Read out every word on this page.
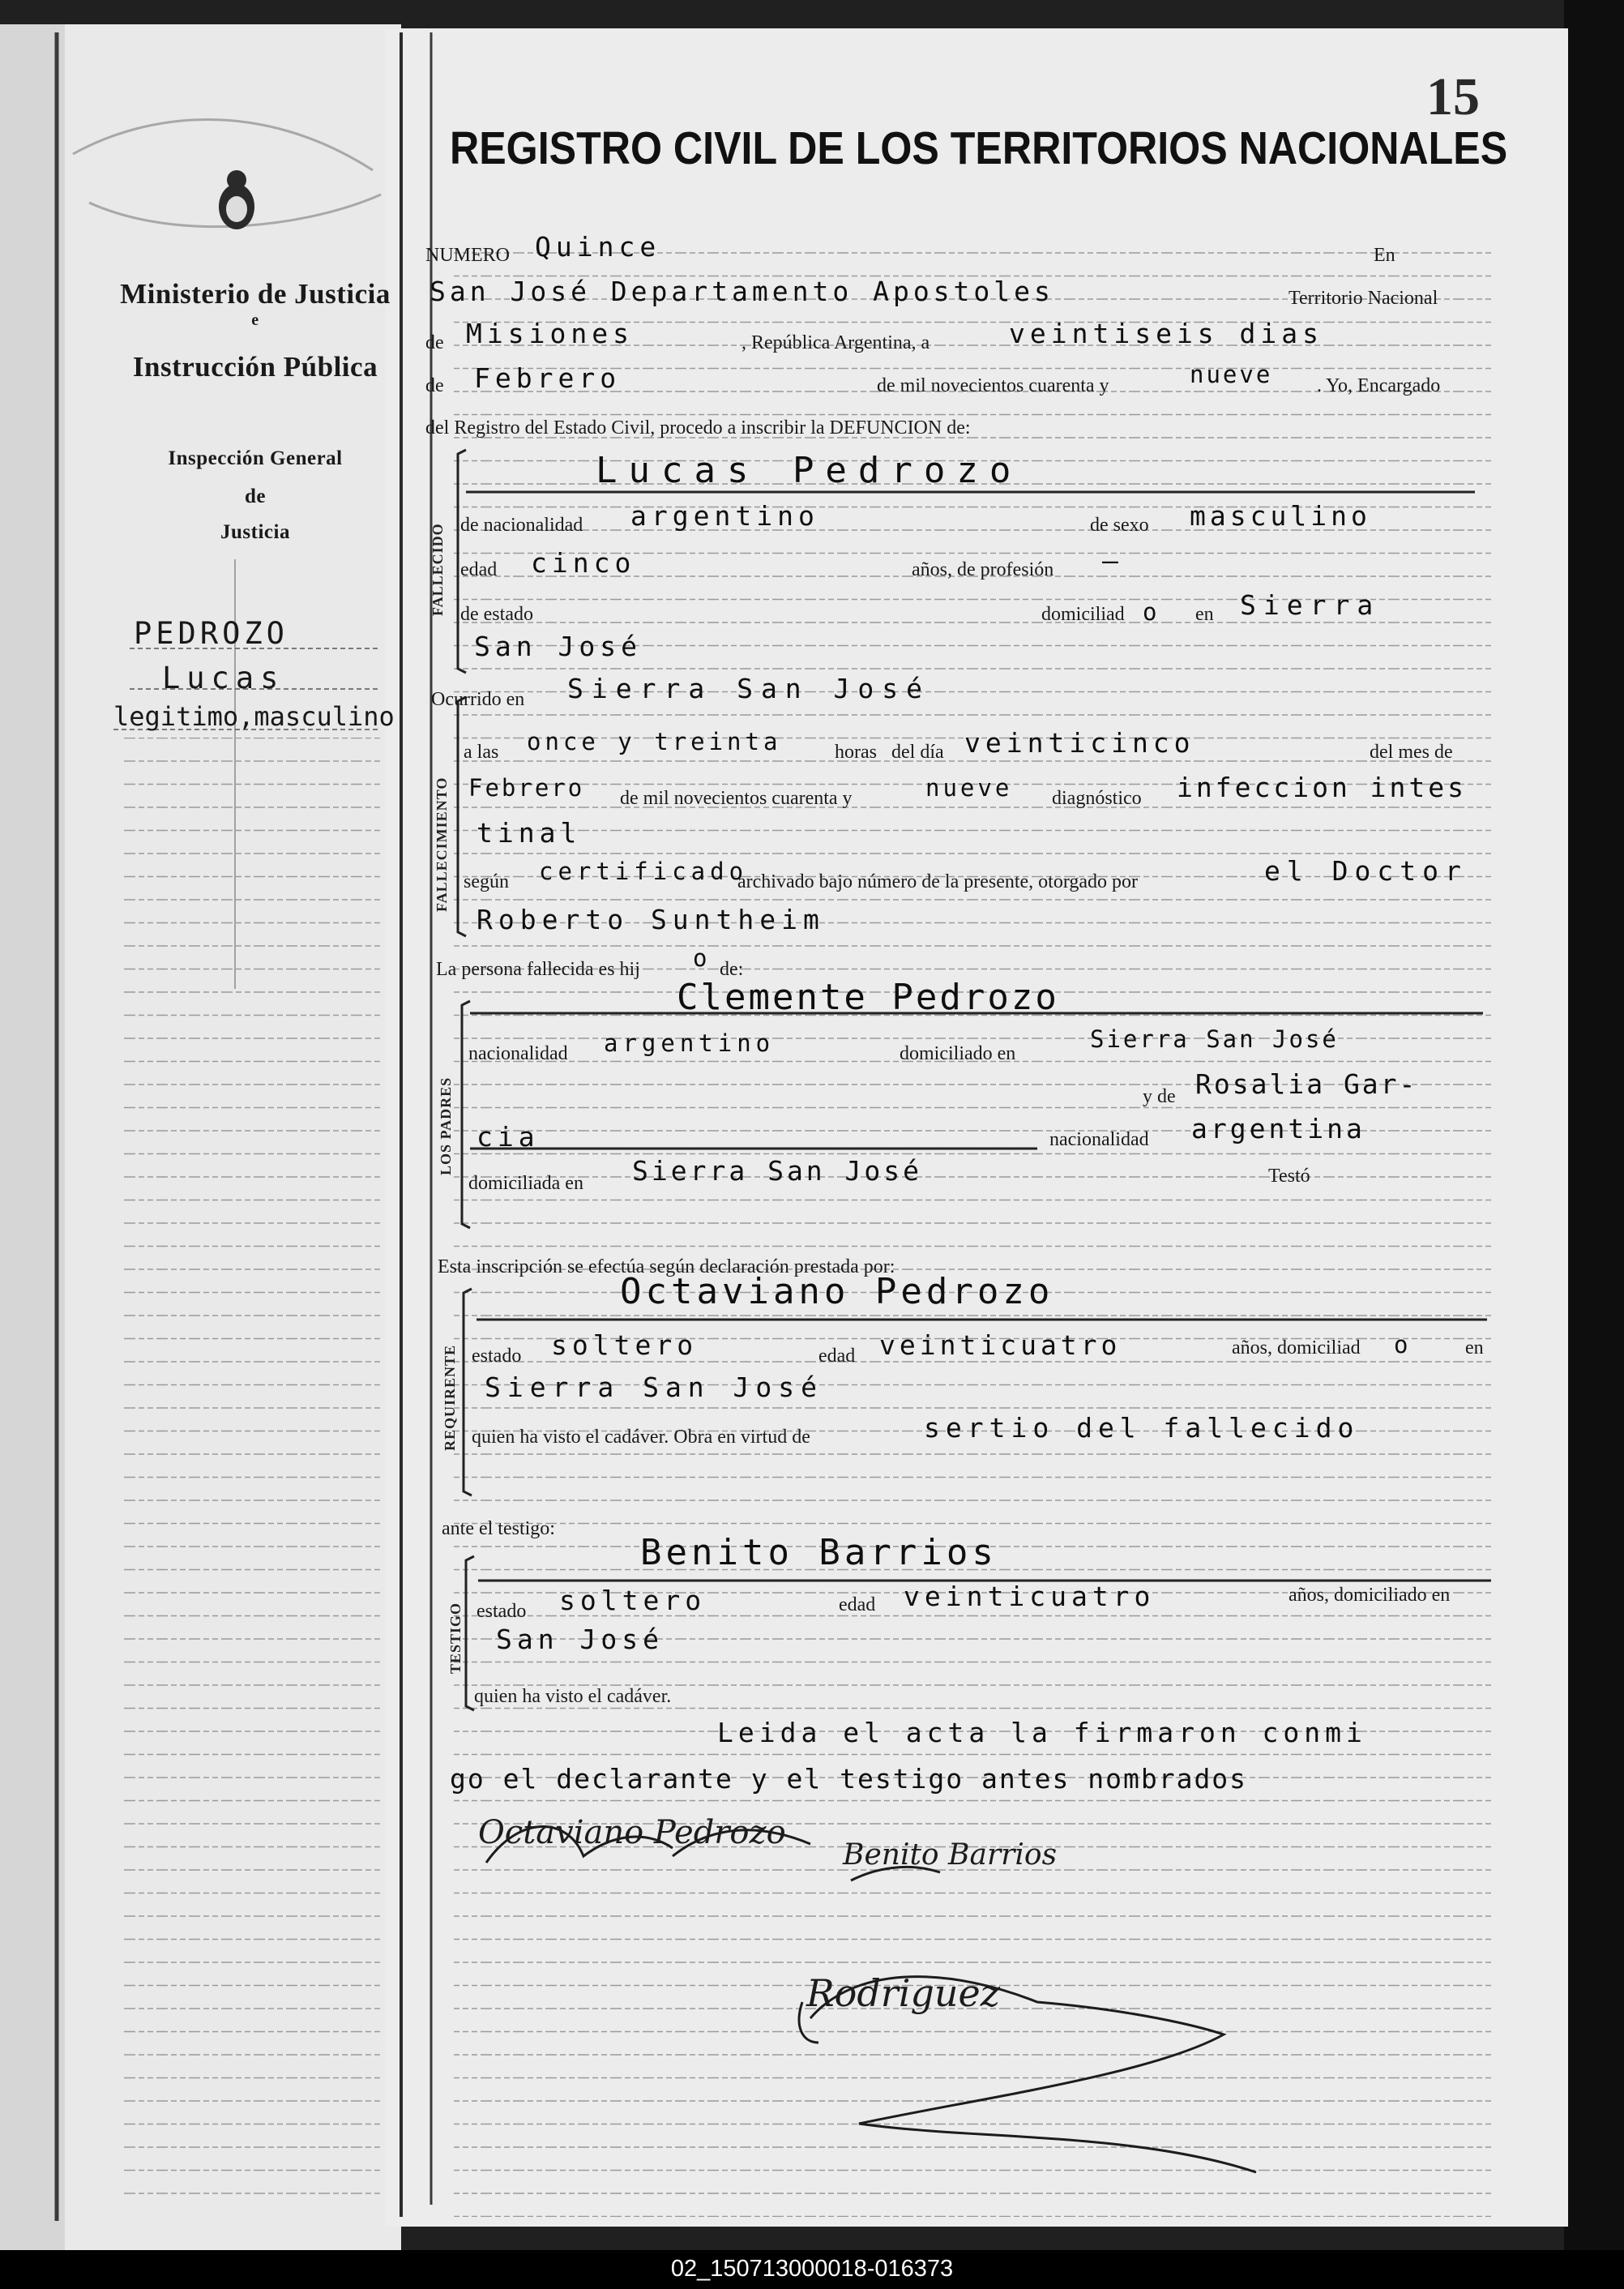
Ministerio de Justicia
e
Instrucción Pública
Inspección General
de
Justicia
PEDROZO
Lucas
legitimo,masculino
15
REGISTRO CIVIL DE LOS TERRITORIOS NACIONALES
NUMERO Quince	En
San José Departamento Apostoles	Territorio Nacional
de Misiones	, República Argentina, a	veintiseis dias
de Febrero	de mil novecientos cuarenta y	nueve . Yo, Encargado
del Registro del Estado Civil, procedo a inscribir la DEFUNCION de:
FALLECIDO
Lucas Pedrozo
de nacionalidad argentino	de sexo masculino
edad cinco	años, de profesión —
de estado	domiciliad o en Sierra
San José
Ocurrido en Sierra San José
FALLECIMIENTO
a las once y treinta	horas del día veinticinco	del mes de
Febrero de mil novecientos cuarenta y	nueve diagnóstico infeccion intes
tinal
según certificado
archivado bajo número de la presente, otorgado por	el Doctor
Roberto Suntheim
La persona fallecida es hij o de:
LOS PADRES
Clemente Pedrozo
nacionalidad argentino	domiciliado en
Sierra San José
y de Rosalia Gar-
cia	nacionalidad argentina
domiciliada en Sierra San José	Testó
Esta inscripción se efectúa según declaración prestada por:
REQUIRENTE
Octaviano Pedrozo
estado soltero	edad veinticuatro	años, domiciliad o	en
Sierra San José
quien ha visto el cadáver. Obra en virtud de	sertio del fallecido
ante el testigo:
TESTIGO
Benito Barrios
estado soltero	edad veinticuatro	años, domiciliado en
San José
quien ha visto el cadáver.
Leida el acta la firmaron conmi
go el declarante y el testigo antes nombrados
Octaviano Pedrozo
Benito Barrios
Rodriguez
02_150713000018-016373
